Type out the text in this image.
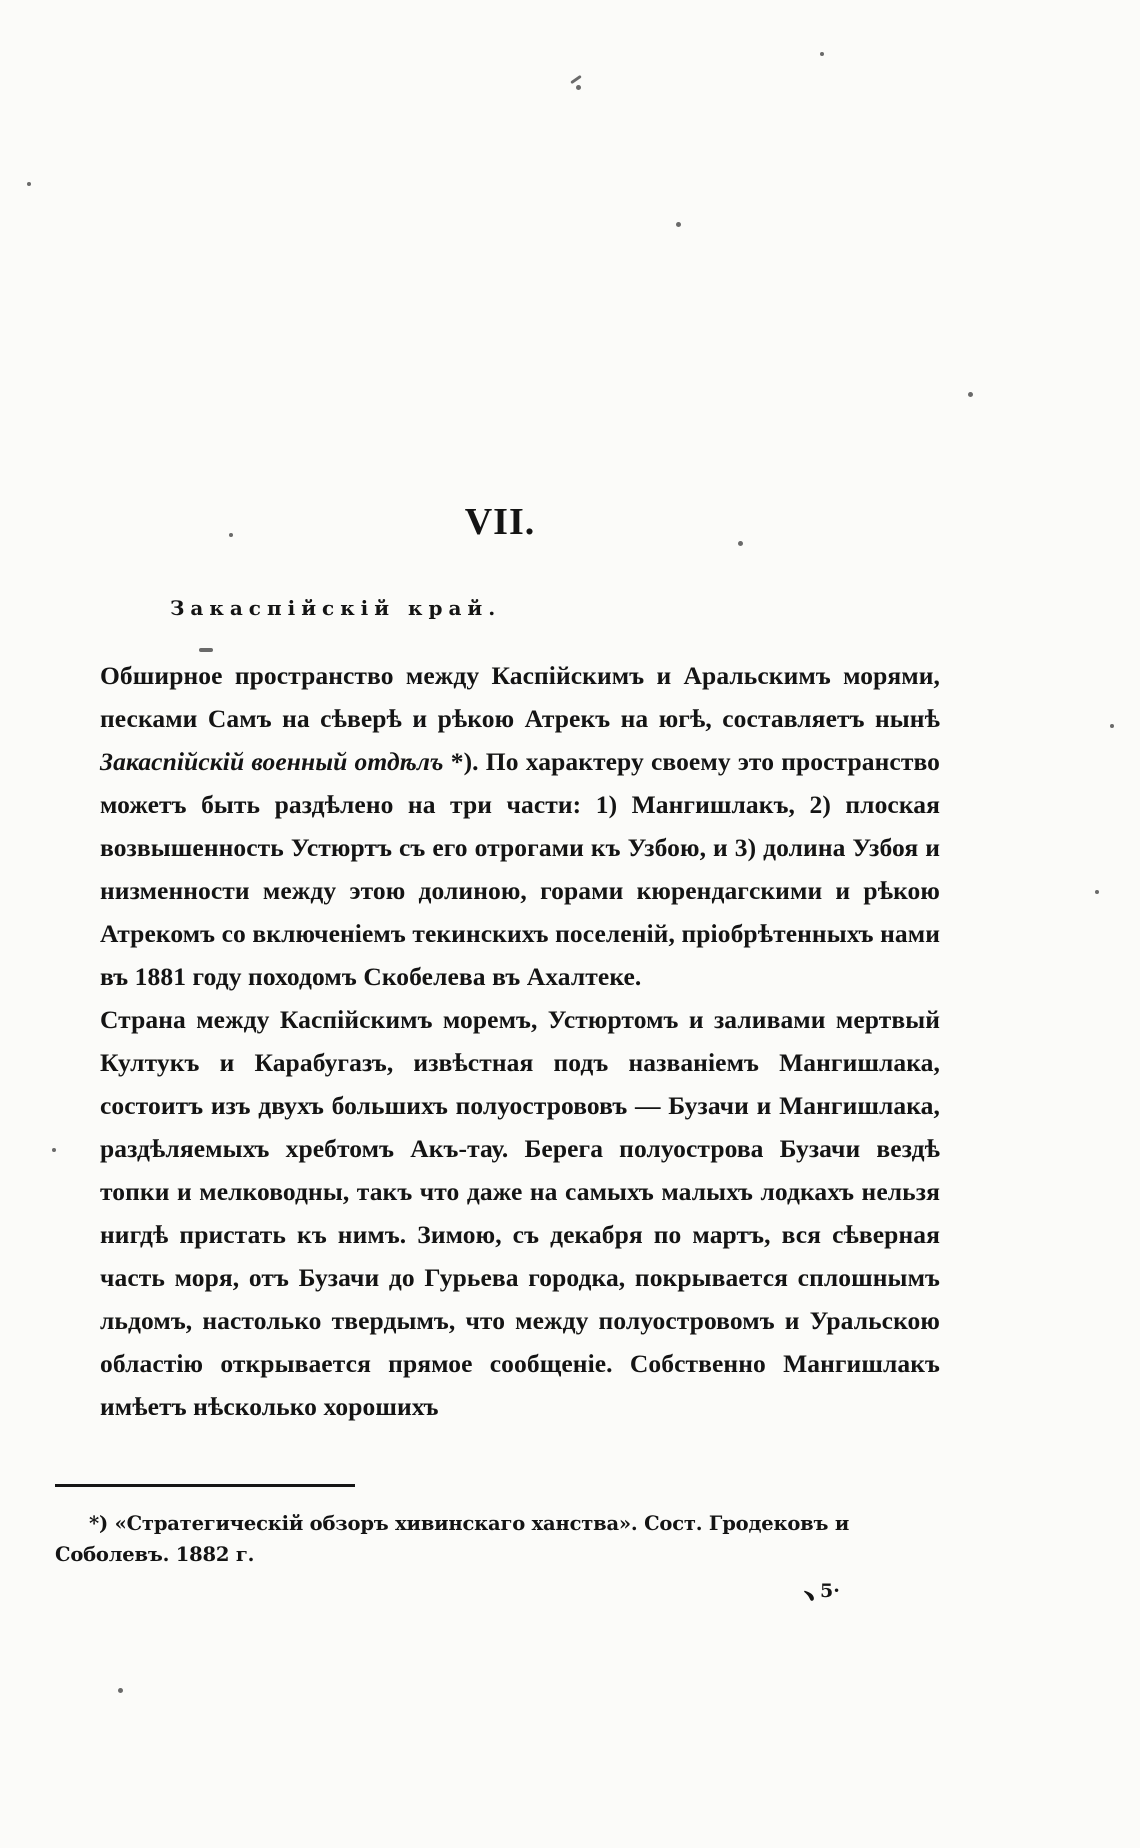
VII.
Закаспійскій край.

Обширное пространство между Каспійскимъ и Аральскимъ морями, песками Самъ на сѣверѣ и рѣкою Атрекъ на югѣ, составляетъ нынѣ Закаспійскій военный отдѣлъ *). По характеру своему это пространство можетъ быть раздѣлено на три части: 1) Мангишлакъ, 2) плоская возвышенность Устюртъ съ его отрогами къ Узбою, и 3) долина Узбоя и низменности между этою долиною, горами кюрендагскими и рѣкою Атрекомъ со включеніемъ текинскихъ поселеній, пріобрѣтенныхъ нами въ 1881 году походомъ Скобелева въ Ахалтеке.

Страна между Каспійскимъ моремъ, Устюртомъ и заливами мертвый Култукъ и Карабугазъ, извѣстная подъ названіемъ Мангишлака, состоитъ изъ двухъ большихъ полуострововъ — Бузачи и Мангишлака, раздѣляемыхъ хребтомъ Акъ-тау. Берега полуострова Бузачи вездѣ топки и мелководны, такъ что даже на самыхъ малыхъ лодкахъ нельзя нигдѣ пристать къ нимъ. Зимою, съ декабря по мартъ, вся сѣверная часть моря, отъ Бузачи до Гурьева городка, покрывается сплошнымъ льдомъ, настолько твердымъ, что между полуостровомъ и Уральскою областію открывается прямое сообщеніе. Собственно Мангишлакъ имѣетъ нѣсколько хорошихъ

*) «Стратегическій обзоръ хивинскаго ханства». Сост. Гродековъ и Соболевъ. 1882 г.
﹅ 5·
